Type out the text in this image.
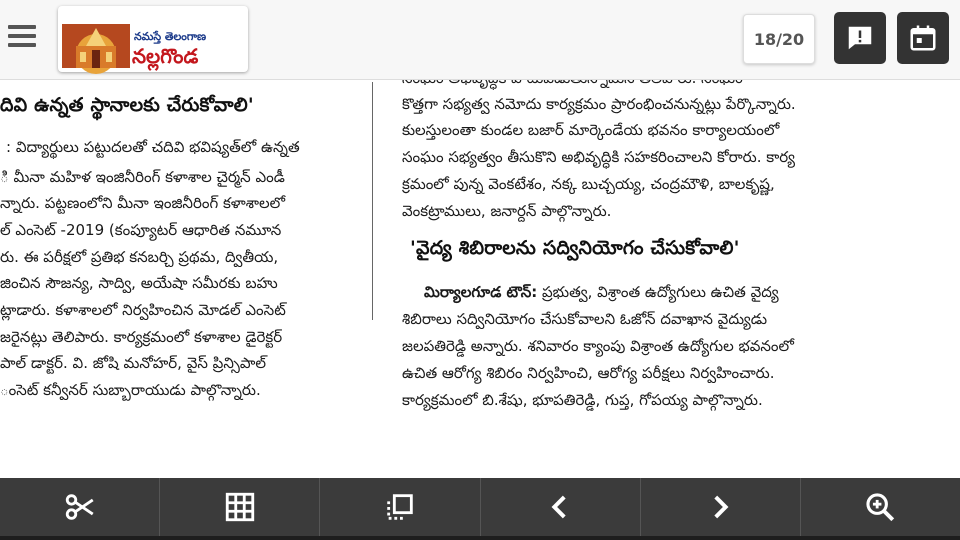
నమస్తే తెలంగాణ
నల్లగొండ
18/20
దివి ఉన్నత స్థానాలకు చేరుకోవాలి'
: విద్యార్థులు పట్టుదలతో చదివి భవిష్యత్‌లో ఉన్నత
ి మీనా మహిళ ఇంజినీరింగ్ కళాశాల చైర్మన్ ఎండీ
న్నారు. పట్టణంలోని మీనా ఇంజినీరింగ్ కళాశాలలో
ల్ ఎంసెట్ -2019 (కంప్యూటర్ ఆధారిత నమూన
రు. ఈ పరీక్షలో ప్రతిభ కనబర్చి ప్రథమ, ద్వితీయ,
జించిన సౌజన్య, సాద్వి, అయేషా సమీరకు బహు
ట్లాడారు. కళాశాలలో నిర్వహించిన మోడల్ ఎంసెట్
జరైనట్లు తెలిపారు. కార్యక్రమంలో కళాశాల డైరెక్టర్
పాల్ డాక్టర్. వి. జోషి మనోహర్, వైస్ ప్రిన్సిపాల్
ంసెట్ కన్వీనర్ సుబ్బారాయుడు పాల్గొన్నారు.
కొత్తగా సభ్యత్వ నమోదు కార్యక్రమం ప్రారంభించనున్నట్లు పేర్కొన్నారు.
కులస్తులంతా కుండల బజార్ మార్కెండేయ భవనం కార్యాలయంలో
సంఘం సభ్యత్వం తీసుకొని అభివృద్ధికి సహకరించాలని కోరారు. కార్య
క్రమంలో పున్న వెంకటేశం, నక్క బుచ్చయ్య, చంద్రమౌళి, బాలకృష్ణ,
వెంకట్రాములు, జనార్దన్ పాల్గొన్నారు.
'వైద్య శిబిరాలను సద్వినియోగం చేసుకోవాలి'
మిర్యాలగూడ టౌన్: ప్రభుత్వ, విశ్రాంత ఉద్యోగులు ఉచిత వైద్య
శిబిరాలు సద్వినియోగం చేసుకోవాలని ఓజోన్ దవాఖాన వైద్యుడు
జలపతిరెడ్డి అన్నారు. శనివారం క్యాంపు విశ్రాంత ఉద్యోగుల భవనంలో
ఉచిత ఆరోగ్య శిబిరం నిర్వహించి, ఆరోగ్య పరీక్షలు నిర్వహించారు.
కార్యక్రమంలో బి.శేషు, భూపతిరెడ్డి, గుప్త, గోపయ్య పాల్గొన్నారు.
